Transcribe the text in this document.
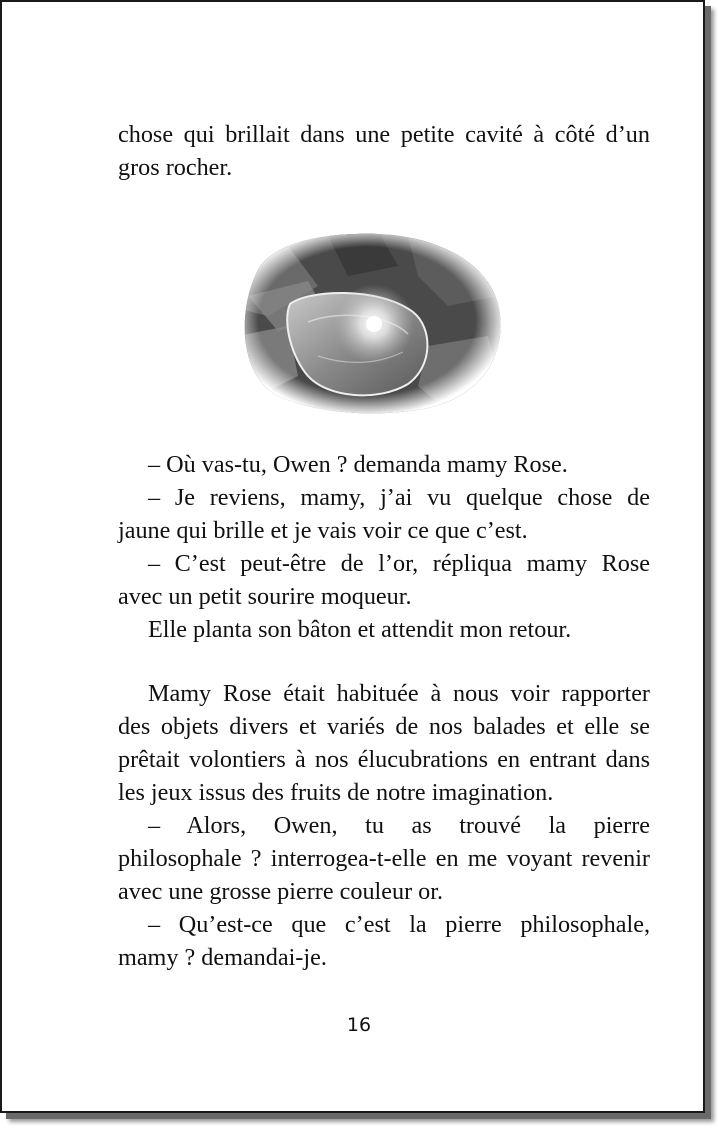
chose qui brillait dans une petite cavité à côté d’un
gros rocher.
– Où vas-tu, Owen ? demanda mamy Rose.
– Je reviens, mamy, j’ai vu quelque chose de
jaune qui brille et je vais voir ce que c’est.
– C’est peut-être de l’or, répliqua mamy Rose
avec un petit sourire moqueur.
Elle planta son bâton et attendit mon retour.
Mamy Rose était habituée à nous voir rapporter
des objets divers et variés de nos balades et elle se
prêtait volontiers à nos élucubrations en entrant dans
les jeux issus des fruits de notre imagination.
– Alors, Owen, tu as trouvé la pierre
philosophale ? interrogea-t-elle en me voyant revenir
avec une grosse pierre couleur or.
– Qu’est-ce que c’est la pierre philosophale,
mamy ? demandai-je.
16
